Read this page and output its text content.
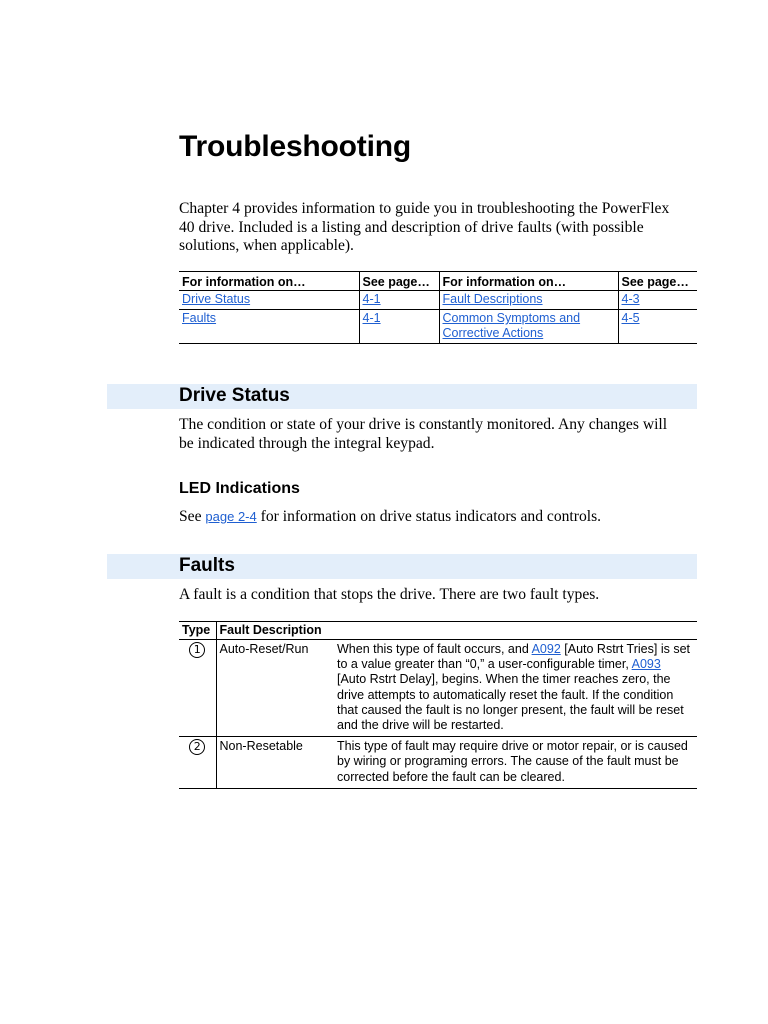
Troubleshooting
Chapter 4 provides information to guide you in troubleshooting the PowerFlex 40 drive. Included is a listing and description of drive faults (with possible solutions, when applicable).
For information on…	See page…	For information on…	See page…
Drive Status	4-1	Fault Descriptions	4-3
Faults	4-1	Common Symptoms and Corrective Actions	4-5
Drive Status
The condition or state of your drive is constantly monitored. Any changes will be indicated through the integral keypad.
LED Indications
See page 2-4 for information on drive status indicators and controls.
Faults
A fault is a condition that stops the drive. There are two fault types.
Type	Fault Description	
1	Auto-Reset/Run	When this type of fault occurs, and A092 [Auto Rstrt Tries] is set to a value greater than “0,” a user-configurable timer, A093
[Auto Rstrt Delay], begins. When the timer reaches zero, the drive attempts to automatically reset the fault. If the condition that caused the fault is no longer present, the fault will be reset and the drive will be restarted.
2	Non-Resetable	This type of fault may require drive or motor repair, or is caused by wiring or programing errors. The cause of the fault must be corrected before the fault can be cleared.
